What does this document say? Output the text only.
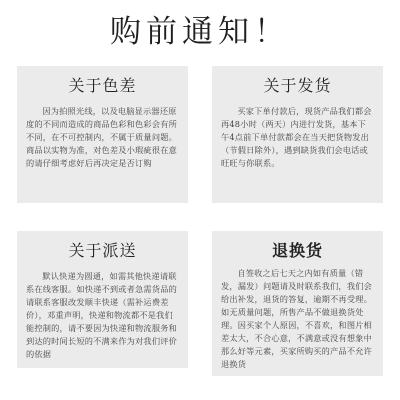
购前通知！
关于色差
因为拍照光线，以及电脑显示器还原度的不同而造成的商品色彩和色彩会有所不同，在不可控制内，不属于质量问题。商品以实物为准，对色差及小瑕疵很在意的请仔细考虑好后再决定是否订购
关于发货
买家下单付款后，现货产品我们都会再48小时（两天）内进行发货，基本下午4点前下单付款都会在当天把货物发出（节假日除外），遇到缺货我们会电话或旺旺与你联系。
关于派送
默认快递为圆通，如需其他快递请联系在线客服。如快递不到或者急需货品的请联系客服改发顺丰快递（需补运费差价），邓重声明，快递和物流都不是我们能控制的，请不要因为快递和物流服务和到达的时间长短的不满来作为对我们评价的依据
退换货
自签收之后七天之内如有质量（错发，漏发）问题请及时联系我们，我们会给出补发，退货的答复，逾期不再受理。如无质量问题，所售产品不做退换货处理。因买家个人原因，不喜欢，和图片相差太大，不合心意，不满意或没有想象中那么好等元素，买家所购买的产品不允许退换货
